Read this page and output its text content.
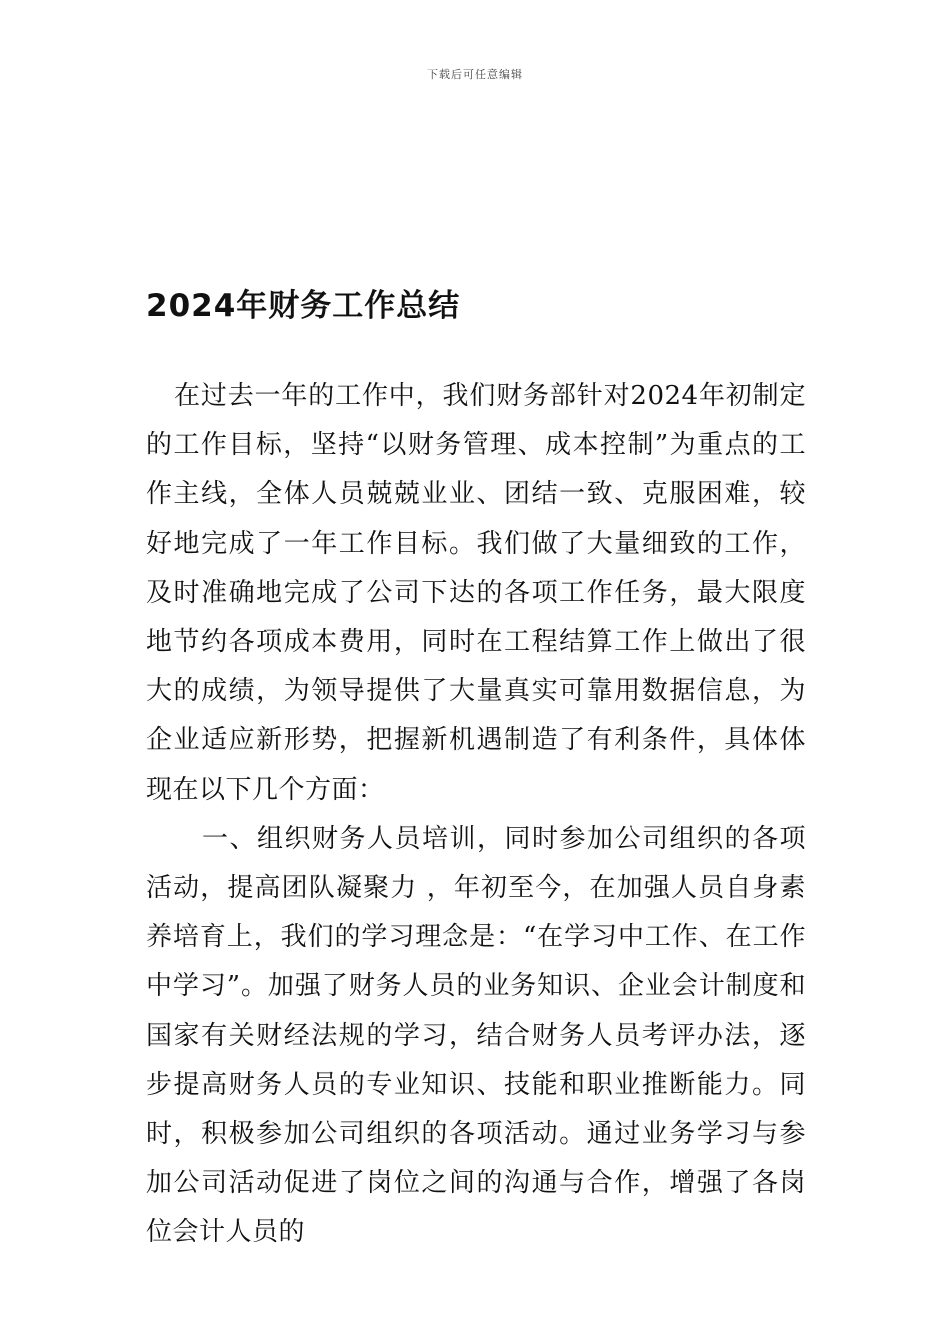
下载后可任意编辑
2024年财务工作总结

在过去一年的工作中，我们财务部针对2024年初制定的工作目标，坚持“以财务管理、成本控制”为重点的工作主线，全体人员兢兢业业、团结一致、克服困难，较好地完成了一年工作目标。我们做了大量细致的工作，及时准确地完成了公司下达的各项工作任务，最大限度地节约各项成本费用，同时在工程结算工作上做出了很大的成绩，为领导提供了大量真实可靠用数据信息，为企业适应新形势，把握新机遇制造了有利条件，具体体现在以下几个方面：

一、组织财务人员培训，同时参加公司组织的各项活动，提高团队凝聚力 ，年初至今，在加强人员自身素养培育上，我们的学习理念是：“在学习中工作、在工作中学习”。加强了财务人员的业务知识、企业会计制度和国家有关财经法规的学习，结合财务人员考评办法，逐步提高财务人员的专业知识、技能和职业推断能力。同时，积极参加公司组织的各项活动。通过业务学习与参加公司活动促进了岗位之间的沟通与合作，增强了各岗位会计人员的
